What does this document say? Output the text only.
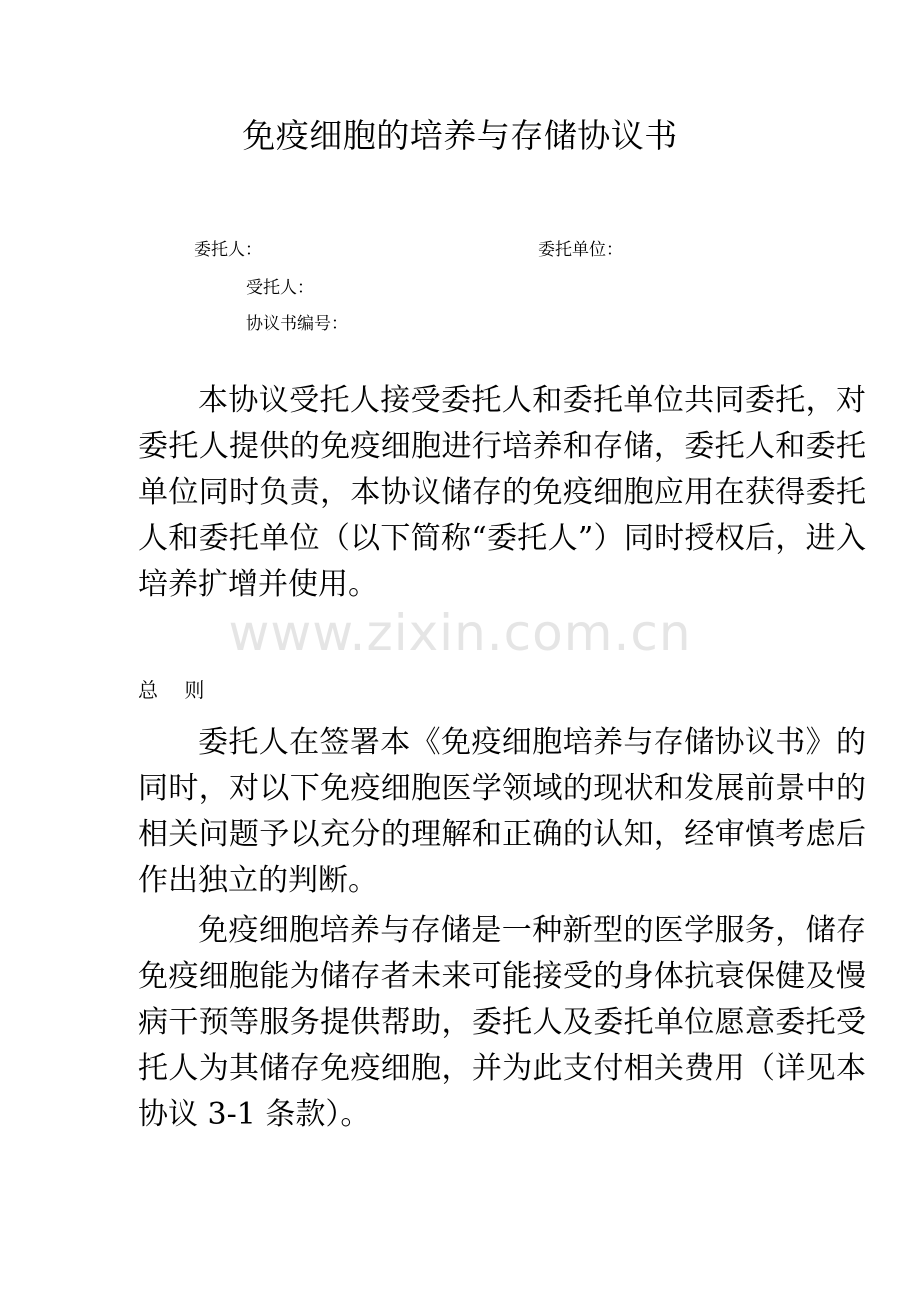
免疫细胞的培养与存储协议书
委托人：	委托单位：
受托人：
协议书编号：

本协议受托人接受委托人和委托单位共同委托，对委托人提供的免疫细胞进行培养和存储，委托人和委托单位同时负责，本协议储存的免疫细胞应用在获得委托人和委托单位（以下简称“委托人”）同时授权后，进入培养扩增并使用。

www.zixin.com.cn
总 则

委托人在签署本《免疫细胞培养与存储协议书》的同时，对以下免疫细胞医学领域的现状和发展前景中的相关问题予以充分的理解和正确的认知，经审慎考虑后作出独立的判断。

免疫细胞培养与存储是一种新型的医学服务，储存免疫细胞能为储存者未来可能接受的身体抗衰保健及慢病干预等服务提供帮助，委托人及委托单位愿意委托受托人为其储存免疫细胞，并为此支付相关费用（详见本协议 3-1 条款）。
